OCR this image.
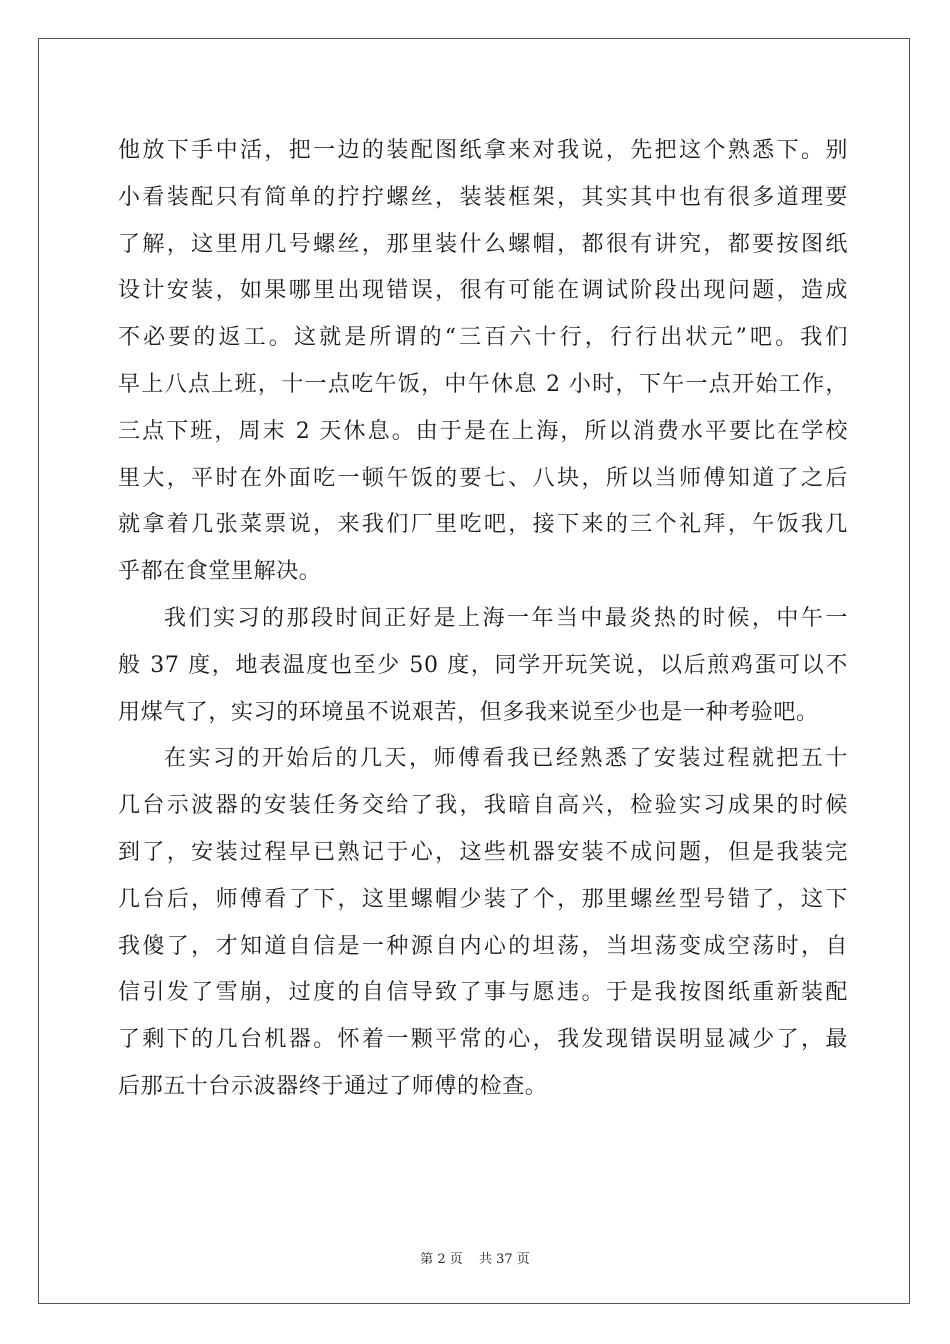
他放下手中活，把一边的装配图纸拿来对我说，先把这个熟悉下。别
小看装配只有简单的拧拧螺丝，装装框架，其实其中也有很多道理要
了解，这里用几号螺丝，那里装什么螺帽，都很有讲究，都要按图纸
设计安装，如果哪里出现错误，很有可能在调试阶段出现问题，造成
不必要的返工。这就是所谓的“三百六十行，行行出状元”吧。我们
早上八点上班，十一点吃午饭，中午休息 2 小时，下午一点开始工作，
三点下班，周末 2 天休息。由于是在上海，所以消费水平要比在学校
里大，平时在外面吃一顿午饭的要七、八块，所以当师傅知道了之后
就拿着几张菜票说，来我们厂里吃吧，接下来的三个礼拜，午饭我几
乎都在食堂里解决。
我们实习的那段时间正好是上海一年当中最炎热的时候，中午一
般 37 度，地表温度也至少 50 度，同学开玩笑说，以后煎鸡蛋可以不
用煤气了，实习的环境虽不说艰苦，但多我来说至少也是一种考验吧。
在实习的开始后的几天，师傅看我已经熟悉了安装过程就把五十
几台示波器的安装任务交给了我，我暗自高兴，检验实习成果的时候
到了，安装过程早已熟记于心，这些机器安装不成问题，但是我装完
几台后，师傅看了下，这里螺帽少装了个，那里螺丝型号错了，这下
我傻了，才知道自信是一种源自内心的坦荡，当坦荡变成空荡时，自
信引发了雪崩，过度的自信导致了事与愿违。于是我按图纸重新装配
了剩下的几台机器。怀着一颗平常的心，我发现错误明显减少了，最
后那五十台示波器终于通过了师傅的检查。
第 2 页 共 37 页
